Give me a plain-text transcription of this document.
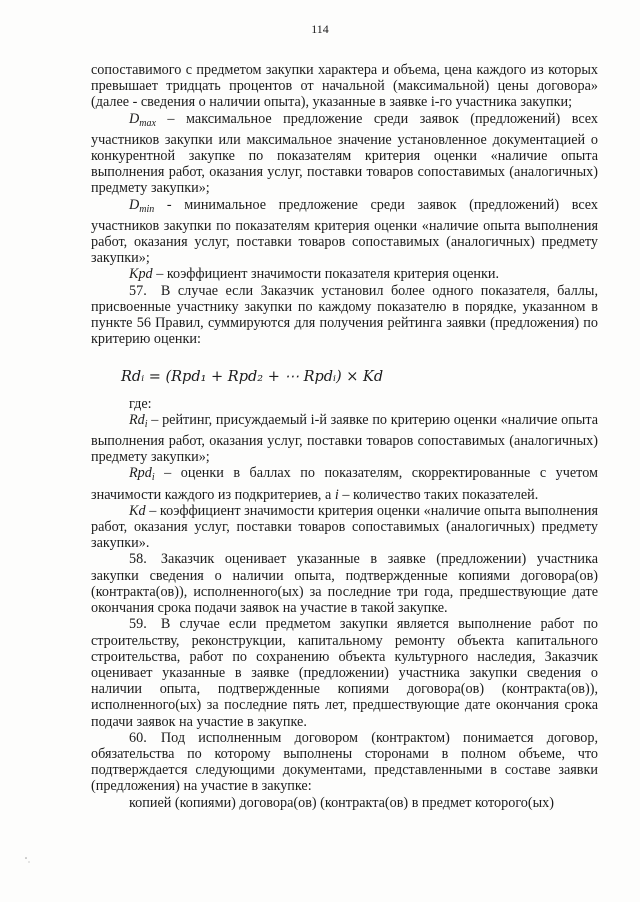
114

сопоставимого с предметом закупки характера и объема, цена каждого из которых превышает тридцать процентов от начальной (максимальной) цены договора» (далее - сведения о наличии опыта), указанные в заявке i-го участника закупки;

$D_{max}$ – максимальное предложение среди заявок (предложений) всех участников закупки или максимальное значение установленное документацией о конкурентной закупке по показателям критерия оценки «наличие опыта выполнения работ, оказания услуг, поставки товаров сопоставимых (аналогичных) предмету закупки»;

$D_{min}$ - минимальное предложение среди заявок (предложений) всех участников закупки по показателям критерия оценки «наличие опыта выполнения работ, оказания услуг, поставки товаров сопоставимых (аналогичных) предмету закупки»;

Kpd – коэффициент значимости показателя критерия оценки.

57. В случае если Заказчик установил более одного показателя, баллы, присвоенные участнику закупки по каждому показателю в порядке, указанном в пункте 56 Правил, суммируются для получения рейтинга заявки (предложения) по критерию оценки:

Rdᵢ = (Rpd₁ + Rpd₂ + ⋯ Rpdᵢ) × Kd

где:

$Rd_i$ – рейтинг, присуждаемый i-й заявке по критерию оценки «наличие опыта выполнения работ, оказания услуг, поставки товаров сопоставимых (аналогичных) предмету закупки»;

Rpd$_i$ – оценки в баллах по показателям, скорректированные с учетом значимости каждого из подкритериев, а i – количество таких показателей.

Kd – коэффициент значимости критерия оценки «наличие опыта выполнения работ, оказания услуг, поставки товаров сопоставимых (аналогичных) предмету закупки».

58. Заказчик оценивает указанные в заявке (предложении) участника закупки сведения о наличии опыта, подтвержденные копиями договора(ов) (контракта(ов)), исполненного(ых) за последние три года, предшествующие дате окончания срока подачи заявок на участие в такой закупке.

59. В случае если предметом закупки является выполнение работ по строительству, реконструкции, капитальному ремонту объекта капитального строительства, работ по сохранению объекта культурного наследия, Заказчик оценивает указанные в заявке (предложении) участника закупки сведения о наличии опыта, подтвержденные копиями договора(ов) (контракта(ов)), исполненного(ых) за последние пять лет, предшествующие дате окончания срока подачи заявок на участие в закупке.

60. Под исполненным договором (контрактом) понимается договор, обязательства по которому выполнены сторонами в полном объеме, что подтверждается следующими документами, представленными в составе заявки (предложения) на участие в закупке:

копией (копиями) договора(ов) (контракта(ов) в предмет которого(ых)
